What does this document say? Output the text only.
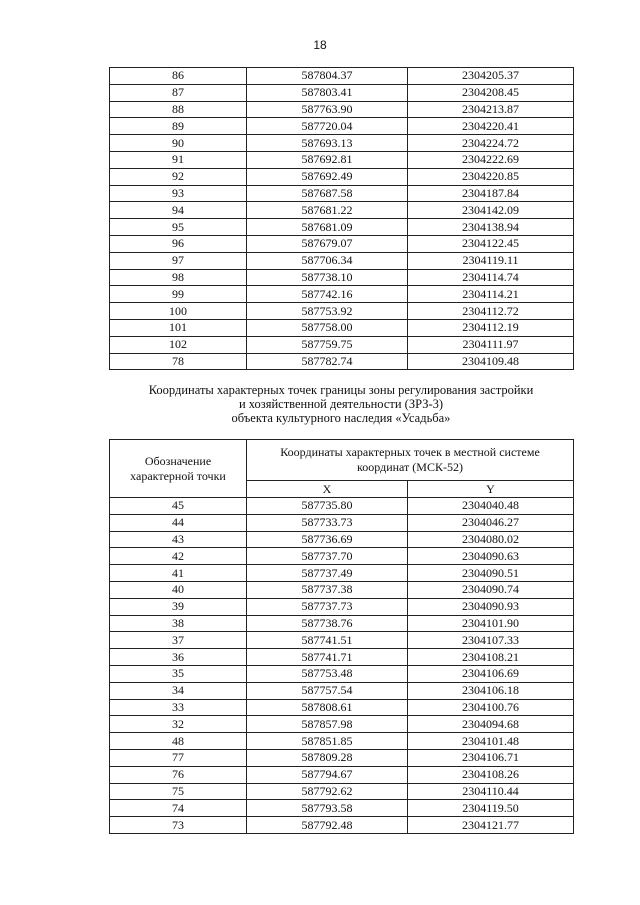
18
86	587804.37	2304205.37
87	587803.41	2304208.45
88	587763.90	2304213.87
89	587720.04	2304220.41
90	587693.13	2304224.72
91	587692.81	2304222.69
92	587692.49	2304220.85
93	587687.58	2304187.84
94	587681.22	2304142.09
95	587681.09	2304138.94
96	587679.07	2304122.45
97	587706.34	2304119.11
98	587738.10	2304114.74
99	587742.16	2304114.21
100	587753.92	2304112.72
101	587758.00	2304112.19
102	587759.75	2304111.97
78	587782.74	2304109.48
Координаты характерных точек границы зоны регулирования застройки
и хозяйственной деятельности (ЗРЗ-3)
объекта культурного наследия «Усадьба»
Обозначение характерной точки	Координаты характерных точек в местной системе координат (МСК-52)	
	X	Y
45	587735.80	2304040.48
44	587733.73	2304046.27
43	587736.69	2304080.02
42	587737.70	2304090.63
41	587737.49	2304090.51
40	587737.38	2304090.74
39	587737.73	2304090.93
38	587738.76	2304101.90
37	587741.51	2304107.33
36	587741.71	2304108.21
35	587753.48	2304106.69
34	587757.54	2304106.18
33	587808.61	2304100.76
32	587857.98	2304094.68
48	587851.85	2304101.48
77	587809.28	2304106.71
76	587794.67	2304108.26
75	587792.62	2304110.44
74	587793.58	2304119.50
73	587792.48	2304121.77
